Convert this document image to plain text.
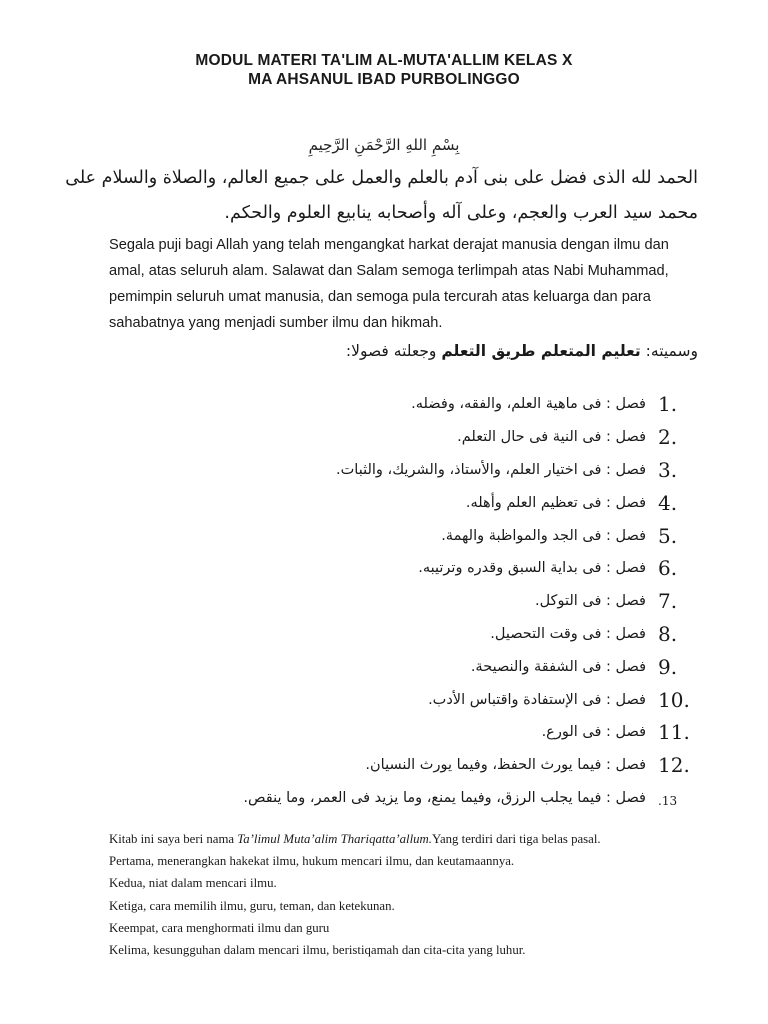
MODUL MATERI TA'LIM AL-MUTA'ALLIM KELAS X
MA AHSANUL IBAD PURBOLINGGO
بِسْمِ اللهِ الرَّحْمَنِ الرَّحِيمِ
الحمد لله الذى فضل على بنى آدم بالعلم والعمل على جميع العالم، والصلاة والسلام على
محمد سيد العرب والعجم، وعلى آله وأصحابه ينابيع العلوم والحكم.
Segala puji bagi Allah yang telah mengangkat harkat derajat manusia dengan ilmu dan
amal, atas seluruh alam. Salawat dan Salam semoga terlimpah atas Nabi Muhammad,
pemimpin seluruh umat manusia, dan semoga pula tercurah atas keluarga dan para
sahabatnya yang menjadi sumber ilmu dan hikmah.
وسميته: تعليم المتعلم طريق التعلم وجعلته فصولا:
1.
فصل : فى ماهية العلم، والفقه، وفضله.
2.
فصل : فى النية فى حال التعلم.
3.
فصل : فى اختيار العلم، والأستاذ، والشريك، والثبات.
4.
فصل : فى تعظيم العلم وأهله.
5.
فصل : فى الجد والمواظبة والهمة.
6.
فصل : فى بداية السبق وقدره وترتيبه.
7.
فصل : فى التوكل.
8.
فصل : فى وقت التحصيل.
9.
فصل : فى الشفقة والنصيحة.
10.
فصل : فى الإستفادة واقتباس الأدب.
11.
فصل : فى الورع.
12.
فصل : فيما يورث الحفظ، وفيما يورث النسيان.
.13
فصل : فيما يجلب الرزق، وفيما يمنع، وما يزيد فى العمر، وما ينقص.
Kitab ini saya beri nama Ta’limul Muta’alim Thariqatta’allum.Yang terdiri dari tiga belas pasal.
Pertama, menerangkan hakekat ilmu, hukum mencari ilmu, dan keutamaannya.
Kedua, niat dalam mencari ilmu.
Ketiga, cara memilih ilmu, guru, teman, dan ketekunan.
Keempat, cara menghormati ilmu dan guru
Kelima, kesungguhan dalam mencari ilmu, beristiqamah dan cita-cita yang luhur.
